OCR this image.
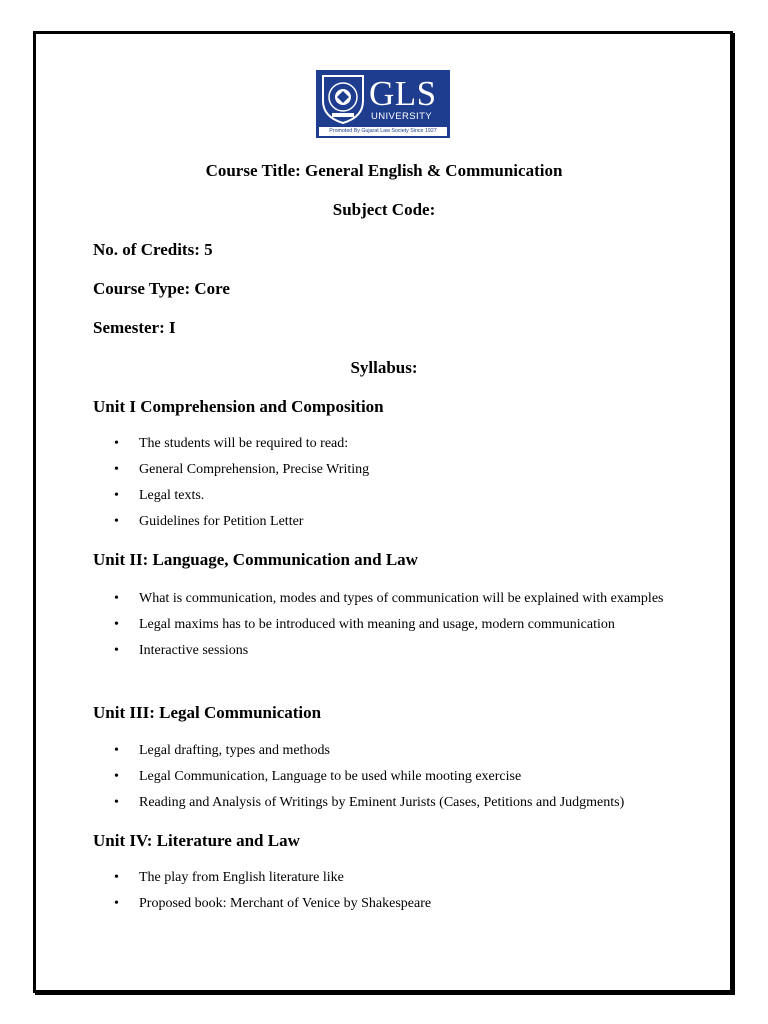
GLS
UNIVERSITY
Promoted By Gujarat Law Society Since 1927
Course Title: General English & Communication
Subject Code:
No. of Credits: 5
Course Type: Core
Semester: I
Syllabus:
Unit I Comprehension and Composition
• The students will be required to read:
• General Comprehension, Precise Writing
• Legal texts.
• Guidelines for Petition Letter
Unit II: Language, Communication and Law
• What is communication, modes and types of communication will be explained with examples
• Legal maxims has to be introduced with meaning and usage, modern communication
• Interactive sessions
Unit III: Legal Communication
• Legal drafting, types and methods
• Legal Communication, Language to be used while mooting exercise
• Reading and Analysis of Writings by Eminent Jurists (Cases, Petitions and Judgments)
Unit IV: Literature and Law
• The play from English literature like
• Proposed book: Merchant of Venice by Shakespeare
